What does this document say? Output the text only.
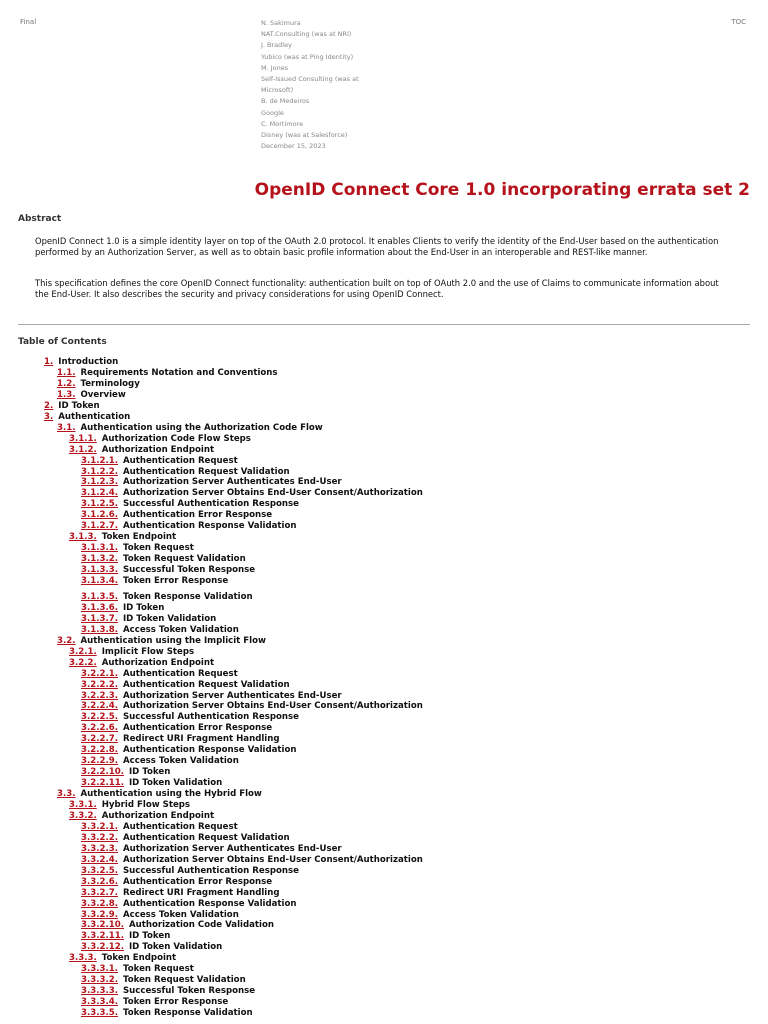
Final	TOC
N. Sakimura
NAT.Consulting (was at NRI)
J. Bradley
Yubico (was at Ping Identity)
M. Jones
Self-Issued Consulting (was at
Microsoft)
B. de Medeiros
Google
C. Mortimore
Disney (was at Salesforce)
December 15, 2023
OpenID Connect Core 1.0 incorporating errata set 2
Abstract
OpenID Connect 1.0 is a simple identity layer on top of the OAuth 2.0 protocol. It enables Clients to verify the identity of the End-User based on the authentication performed by an Authorization Server, as well as to obtain basic profile information about the End-User in an interoperable and REST-like manner.
This specification defines the core OpenID Connect functionality: authentication built on top of OAuth 2.0 and the use of Claims to communicate information about the End-User. It also describes the security and privacy considerations for using OpenID Connect.
Table of Contents
1. Introduction
1.1. Requirements Notation and Conventions
1.2. Terminology
1.3. Overview
2. ID Token
3. Authentication
3.1. Authentication using the Authorization Code Flow
3.1.1. Authorization Code Flow Steps
3.1.2. Authorization Endpoint
3.1.2.1. Authentication Request
3.1.2.2. Authentication Request Validation
3.1.2.3. Authorization Server Authenticates End-User
3.1.2.4. Authorization Server Obtains End-User Consent/Authorization
3.1.2.5. Successful Authentication Response
3.1.2.6. Authentication Error Response
3.1.2.7. Authentication Response Validation
3.1.3. Token Endpoint
3.1.3.1. Token Request
3.1.3.2. Token Request Validation
3.1.3.3. Successful Token Response
3.1.3.4. Token Error Response
3.1.3.5. Token Response Validation
3.1.3.6. ID Token
3.1.3.7. ID Token Validation
3.1.3.8. Access Token Validation
3.2. Authentication using the Implicit Flow
3.2.1. Implicit Flow Steps
3.2.2. Authorization Endpoint
3.2.2.1. Authentication Request
3.2.2.2. Authentication Request Validation
3.2.2.3. Authorization Server Authenticates End-User
3.2.2.4. Authorization Server Obtains End-User Consent/Authorization
3.2.2.5. Successful Authentication Response
3.2.2.6. Authentication Error Response
3.2.2.7. Redirect URI Fragment Handling
3.2.2.8. Authentication Response Validation
3.2.2.9. Access Token Validation
3.2.2.10. ID Token
3.2.2.11. ID Token Validation
3.3. Authentication using the Hybrid Flow
3.3.1. Hybrid Flow Steps
3.3.2. Authorization Endpoint
3.3.2.1. Authentication Request
3.3.2.2. Authentication Request Validation
3.3.2.3. Authorization Server Authenticates End-User
3.3.2.4. Authorization Server Obtains End-User Consent/Authorization
3.3.2.5. Successful Authentication Response
3.3.2.6. Authentication Error Response
3.3.2.7. Redirect URI Fragment Handling
3.3.2.8. Authentication Response Validation
3.3.2.9. Access Token Validation
3.3.2.10. Authorization Code Validation
3.3.2.11. ID Token
3.3.2.12. ID Token Validation
3.3.3. Token Endpoint
3.3.3.1. Token Request
3.3.3.2. Token Request Validation
3.3.3.3. Successful Token Response
3.3.3.4. Token Error Response
3.3.3.5. Token Response Validation
